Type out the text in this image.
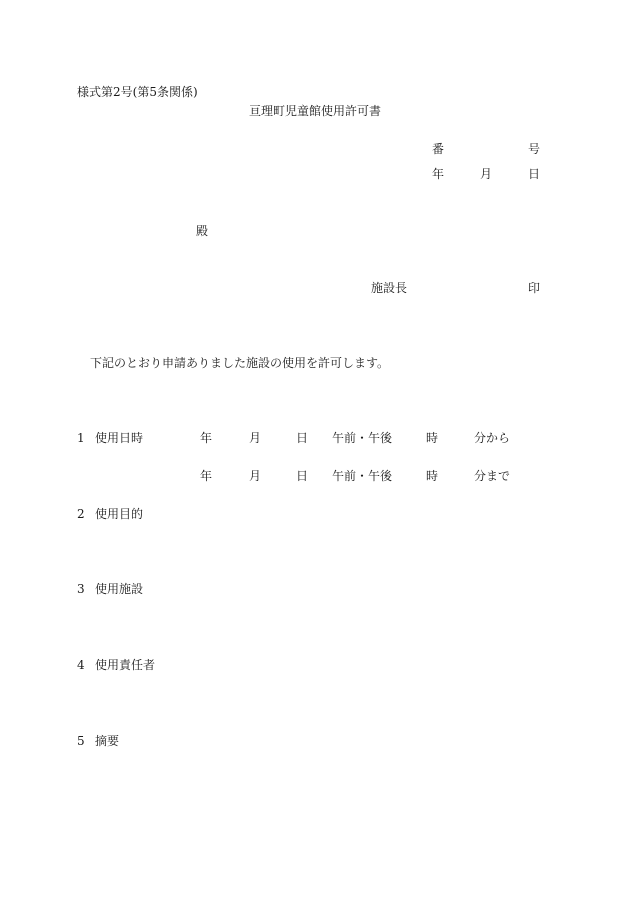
様式第2号(第5条関係)
亘理町児童館使用許可書
番	号
年	月	日
殿
施設長	印
下記のとおり申請ありました施設の使用を許可します。
1 使用日時	年	月	日 午前・午後	時	分から
年	月	日 午前・午後	時	分まで
2 使用目的
3 使用施設
4 使用責任者
5 摘要
